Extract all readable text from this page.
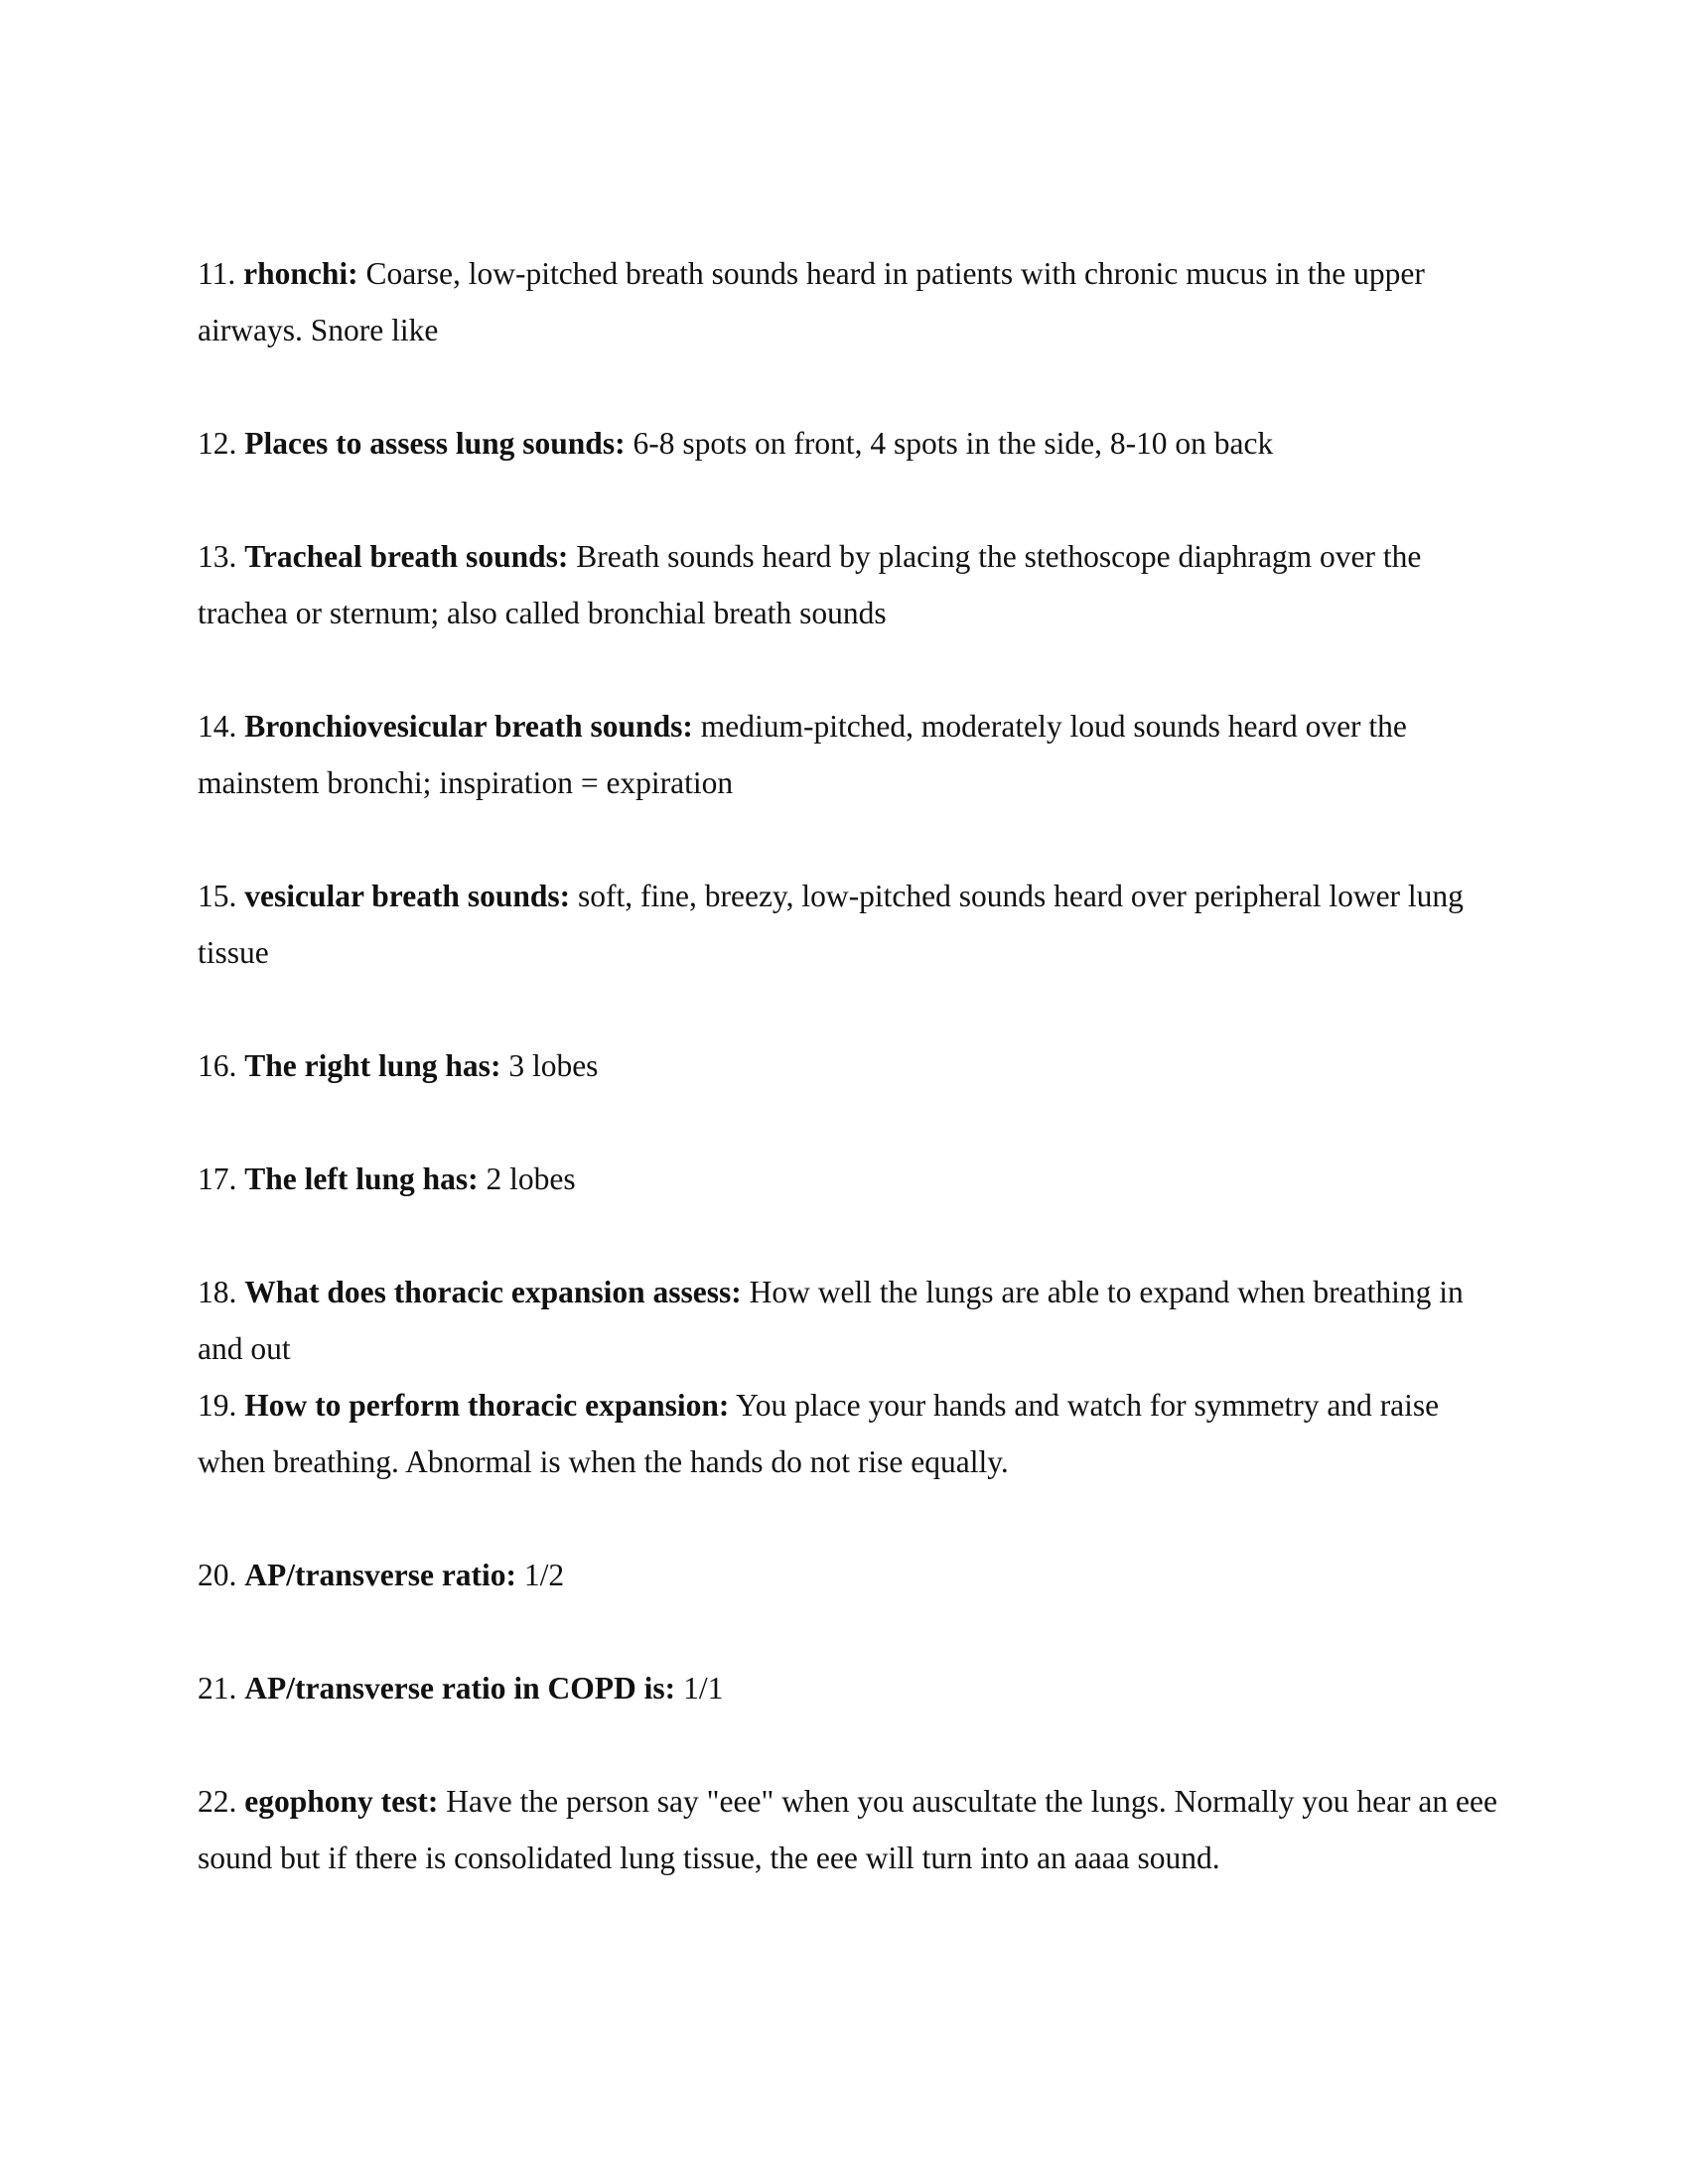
11. rhonchi: Coarse, low-pitched breath sounds heard in patients with chronic mucus in the upper airways. Snore like

12. Places to assess lung sounds: 6-8 spots on front, 4 spots in the side, 8-10 on back

13. Tracheal breath sounds: Breath sounds heard by placing the stethoscope diaphragm over the trachea or sternum; also called bronchial breath sounds

14. Bronchiovesicular breath sounds: medium-pitched, moderately loud sounds heard over the mainstem bronchi; inspiration = expiration

15. vesicular breath sounds: soft, fine, breezy, low-pitched sounds heard over peripheral lower lung tissue

16. The right lung has: 3 lobes

17. The left lung has: 2 lobes

18. What does thoracic expansion assess: How well the lungs are able to expand when breathing in and out

19. How to perform thoracic expansion: You place your hands and watch for symmetry and raise when breathing. Abnormal is when the hands do not rise equally.

20. AP/transverse ratio: 1/2

21. AP/transverse ratio in COPD is: 1/1

22. egophony test: Have the person say "eee" when you auscultate the lungs. Normally you hear an eee sound but if there is consolidated lung tissue, the eee will turn into an aaaa sound.
